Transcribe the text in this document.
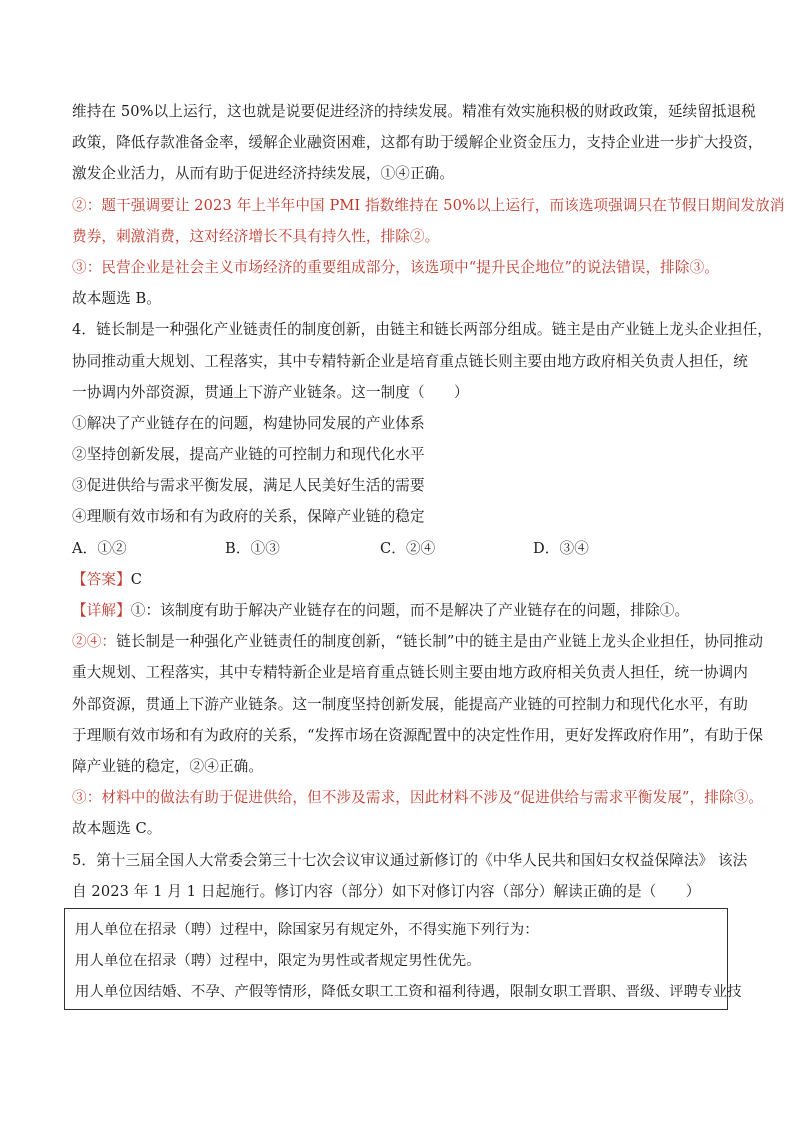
维持在 50%以上运行，这也就是说要促进经济的持续发展。精准有效实施积极的财政政策，延续留抵退税
政策，降低存款准备金率，缓解企业融资困难，这都有助于缓解企业资金压力，支持企业进一步扩大投资，
激发企业活力，从而有助于促进经济持续发展，①④正确。
②：题干强调要让 2023 年上半年中国 PMI 指数维持在 50%以上运行，而该选项强调只在节假日期间发放消
费券，刺激消费，这对经济增长不具有持久性，排除②。
③：民营企业是社会主义市场经济的重要组成部分，该选项中“提升民企地位”的说法错误，排除③。
故本题选 B。
4．链长制是一种强化产业链责任的制度创新，由链主和链长两部分组成。链主是由产业链上龙头企业担任，
协同推动重大规划、工程落实，其中专精特新企业是培育重点链长则主要由地方政府相关负责人担任，统
一协调内外部资源，贯通上下游产业链条。这一制度（　　）
①解决了产业链存在的问题，构建协同发展的产业体系
②坚持创新发展，提高产业链的可控制力和现代化水平
③促进供给与需求平衡发展，满足人民美好生活的需要
④理顺有效市场和有为政府的关系，保障产业链的稳定
A．①②	B．①③	C．②④	D．③④
【答案】C
【详解】①：该制度有助于解决产业链存在的问题，而不是解决了产业链存在的问题，排除①。
②④：链长制是一种强化产业链责任的制度创新，“链长制”中的链主是由产业链上龙头企业担任，协同推动
重大规划、工程落实，其中专精特新企业是培育重点链长则主要由地方政府相关负责人担任，统一协调内
外部资源，贯通上下游产业链条。这一制度坚持创新发展，能提高产业链的可控制力和现代化水平，有助
于理顺有效市场和有为政府的关系，“发挥市场在资源配置中的决定性作用，更好发挥政府作用”，有助于保
障产业链的稳定，②④正确。
③：材料中的做法有助于促进供给，但不涉及需求，因此材料不涉及“促进供给与需求平衡发展”，排除③。
故本题选 C。
5．第十三届全国人大常委会第三十七次会议审议通过新修订的《中华人民共和国妇女权益保障法》 该法
自 2023 年 1 月 1 日起施行。修订内容（部分）如下对修订内容（部分）解读正确的是（　　）
用人单位在招录（聘）过程中，除国家另有规定外，不得实施下列行为：
用人单位在招录（聘）过程中，限定为男性或者规定男性优先。
用人单位因结婚、不孕、产假等情形，降低女职工工资和福利待遇，限制女职工晋职、晋级、评聘专业技
